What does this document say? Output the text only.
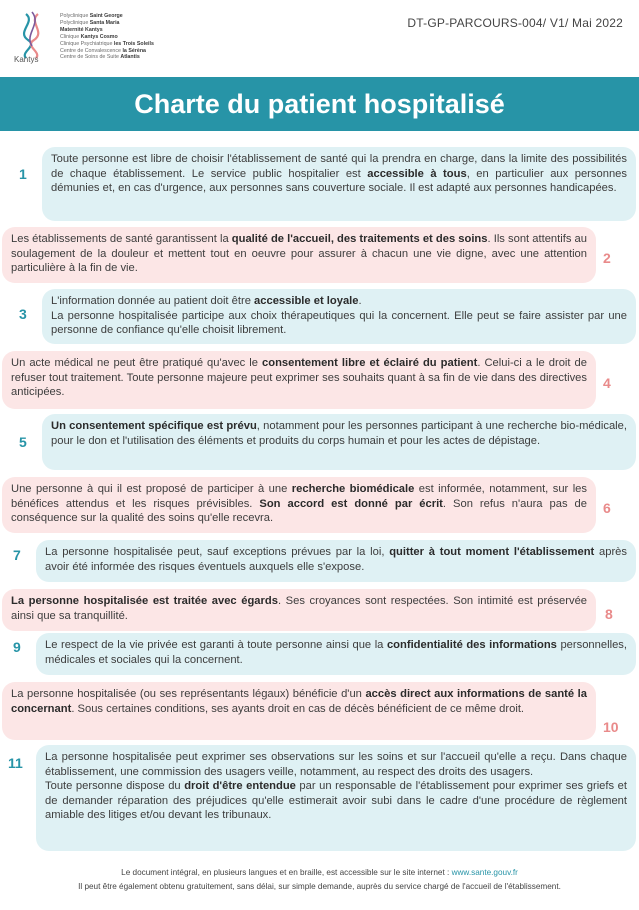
Kantys
Polyclinique Saint George
Polyclinique Santa Maria
Maternité Kantys
Clinique Kantys Cosmo
Clinique Psychiatrique les Trois Soleils
Centre de Convalescence la Sérèna
Centre de Soins de Suite Atlantis
DT-GP-PARCOURS-004/ V1/ Mai 2022
Charte du patient hospitalisé
1
Toute personne est libre de choisir l'établissement de santé qui la prendra en charge, dans la limite des possibilités de chaque établissement. Le service public hospitalier est accessible à tous, en particulier aux personnes démunies et, en cas d'urgence, aux personnes sans couverture sociale. Il est adapté aux personnes handicapées.
Les établissements de santé garantissent la qualité de l'accueil, des traitements et des soins. Ils sont attentifs au soulagement de la douleur et mettent tout en oeuvre pour assurer à chacun une vie digne, avec une attention particulière à la fin de vie.
2
3
L'information donnée au patient doit être accessible et loyale.
La personne hospitalisée participe aux choix thérapeutiques qui la concernent. Elle peut se faire assister par une personne de confiance qu'elle choisit librement.
Un acte médical ne peut être pratiqué qu'avec le consentement libre et éclairé du patient. Celui-ci a le droit de refuser tout traitement. Toute personne majeure peut exprimer ses souhaits quant à sa fin de vie dans des directives anticipées.
4
5
Un consentement spécifique est prévu, notamment pour les personnes participant à une recherche bio-médicale, pour le don et l'utilisation des éléments et produits du corps humain et pour les actes de dépistage.
Une personne à qui il est proposé de participer à une recherche biomédicale est informée, notamment, sur les bénéfices attendus et les risques prévisibles. Son accord est donné par écrit. Son refus n'aura pas de conséquence sur la qualité des soins qu'elle recevra.
6
7	La personne hospitalisée peut, sauf exceptions prévues par la loi, quitter à tout moment l'établissement après avoir été informée des risques éventuels auxquels elle s'expose.
La personne hospitalisée est traitée avec égards. Ses croyances sont respectées. Son intimité est préservée ainsi que sa tranquillité.	8
9	Le respect de la vie privée est garanti à toute personne ainsi que la confidentialité des informations personnelles, médicales et sociales qui la concernent.
La personne hospitalisée (ou ses représentants légaux) bénéficie d'un accès direct aux informations de santé la concernant. Sous certaines conditions, ses ayants droit en cas de décès bénéficient de ce même droit.
10
11	La personne hospitalisée peut exprimer ses observations sur les soins et sur l'accueil qu'elle a reçu. Dans chaque établissement, une commission des usagers veille, notamment, au respect des droits des usagers.
Toute personne dispose du droit d'être entendue par un responsable de l'établissement pour exprimer ses griefs et de demander réparation des préjudices qu'elle estimerait avoir subi dans le cadre d'une procédure de règlement amiable des litiges et/ou devant les tribunaux.
Le document intégral, en plusieurs langues et en braille, est accessible sur le site internet : www.sante.gouv.fr
Il peut être également obtenu gratuitement, sans délai, sur simple demande, auprès du service chargé de l'accueil de l'établissement.
